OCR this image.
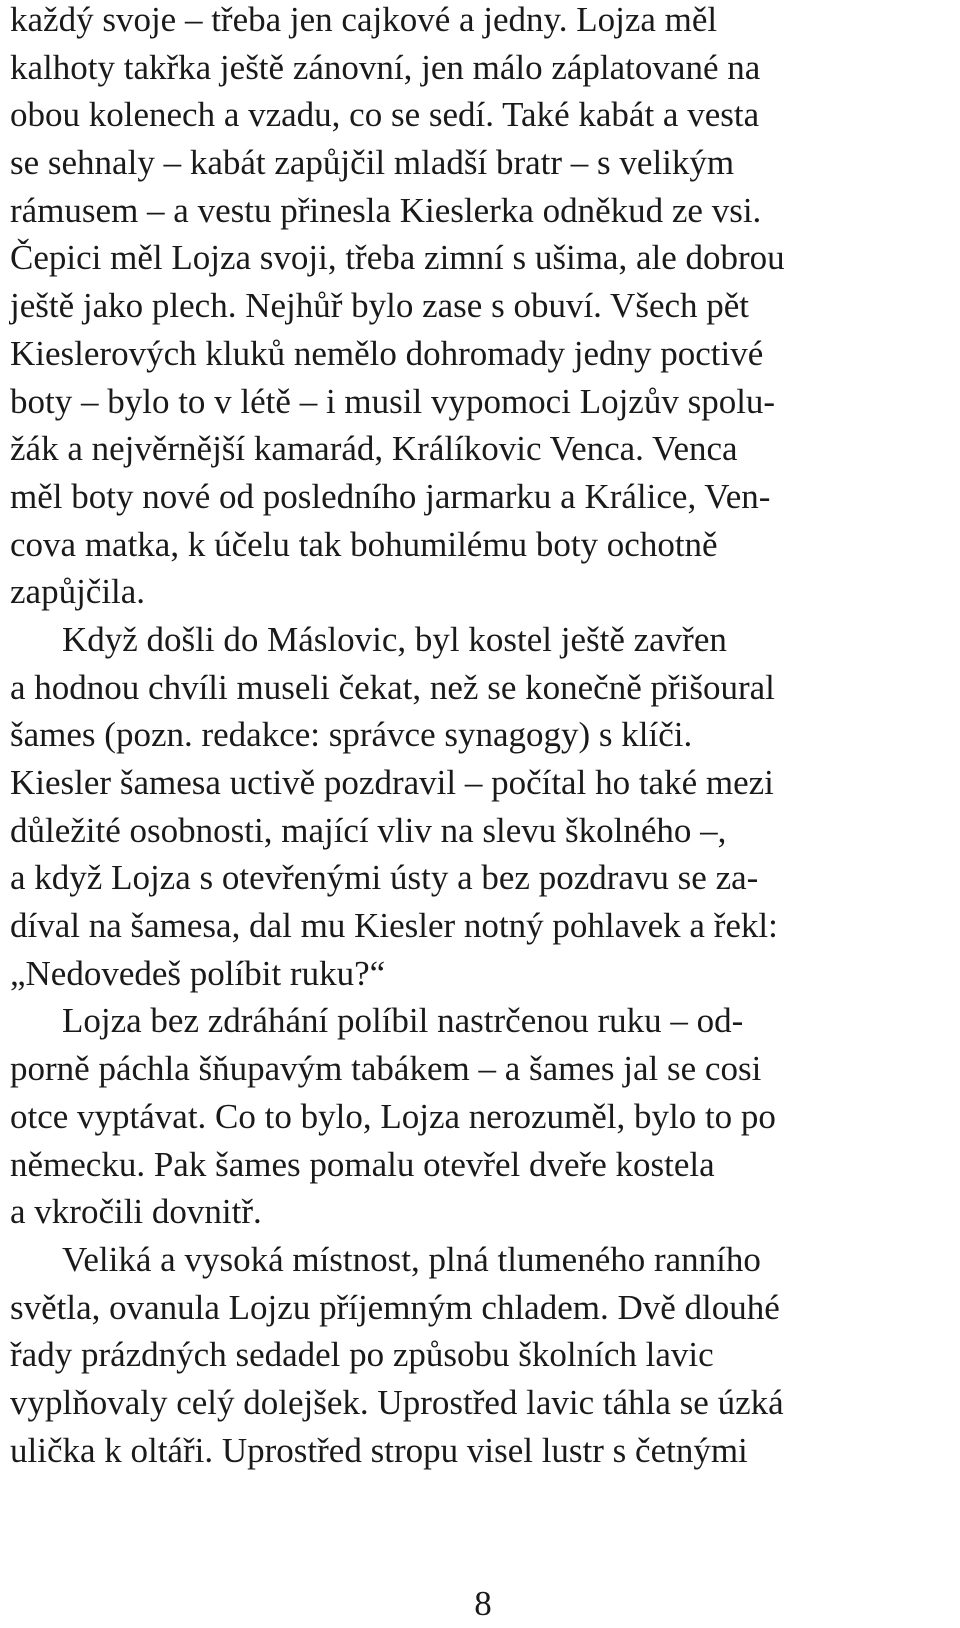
každý svoje – třeba jen cajkové a jedny. Lojza měl
kalhoty takřka ještě zánovní, jen málo záplatované na
obou kolenech a vzadu, co se sedí. Také kabát a vesta
se sehnaly – kabát zapůjčil mladší bratr – s velikým
rámusem – a vestu přinesla Kieslerka odněkud ze vsi.
Čepici měl Lojza svoji, třeba zimní s ušima, ale dobrou
ještě jako plech. Nejhůř bylo zase s obuví. Všech pět
Kieslerových kluků nemělo dohromady jedny poctivé
boty – bylo to v létě – i musil vypomoci Lojzův spolu-
žák a nejvěrnější kamarád, Králíkovic Venca. Venca
měl boty nové od posledního jarmarku a Králice, Ven-
cova matka, k účelu tak bohumilému boty ochotně
zapůjčila.
Když došli do Máslovic, byl kostel ještě zavřen
a hodnou chvíli museli čekat, než se konečně přišoural
šames (pozn. redakce: správce synagogy) s klíči.
Kiesler šamesa uctivě pozdravil – počítal ho také mezi
důležité osobnosti, mající vliv na slevu školného –,
a když Lojza s otevřenými ústy a bez pozdravu se za-
díval na šamesa, dal mu Kiesler notný pohlavek a řekl:
„Nedovedeš políbit ruku?“
Lojza bez zdráhání políbil nastrčenou ruku – od-
porně páchla šňupavým tabákem – a šames jal se cosi
otce vyptávat. Co to bylo, Lojza nerozuměl, bylo to po
německu. Pak šames pomalu otevřel dveře kostela
a vkročili dovnitř.
Veliká a vysoká místnost, plná tlumeného ranního
světla, ovanula Lojzu příjemným chladem. Dvě dlouhé
řady prázdných sedadel po způsobu školních lavic
vyplňovaly celý dolejšek. Uprostřed lavic táhla se úzká
ulička k oltáři. Uprostřed stropu visel lustr s četnými
8
